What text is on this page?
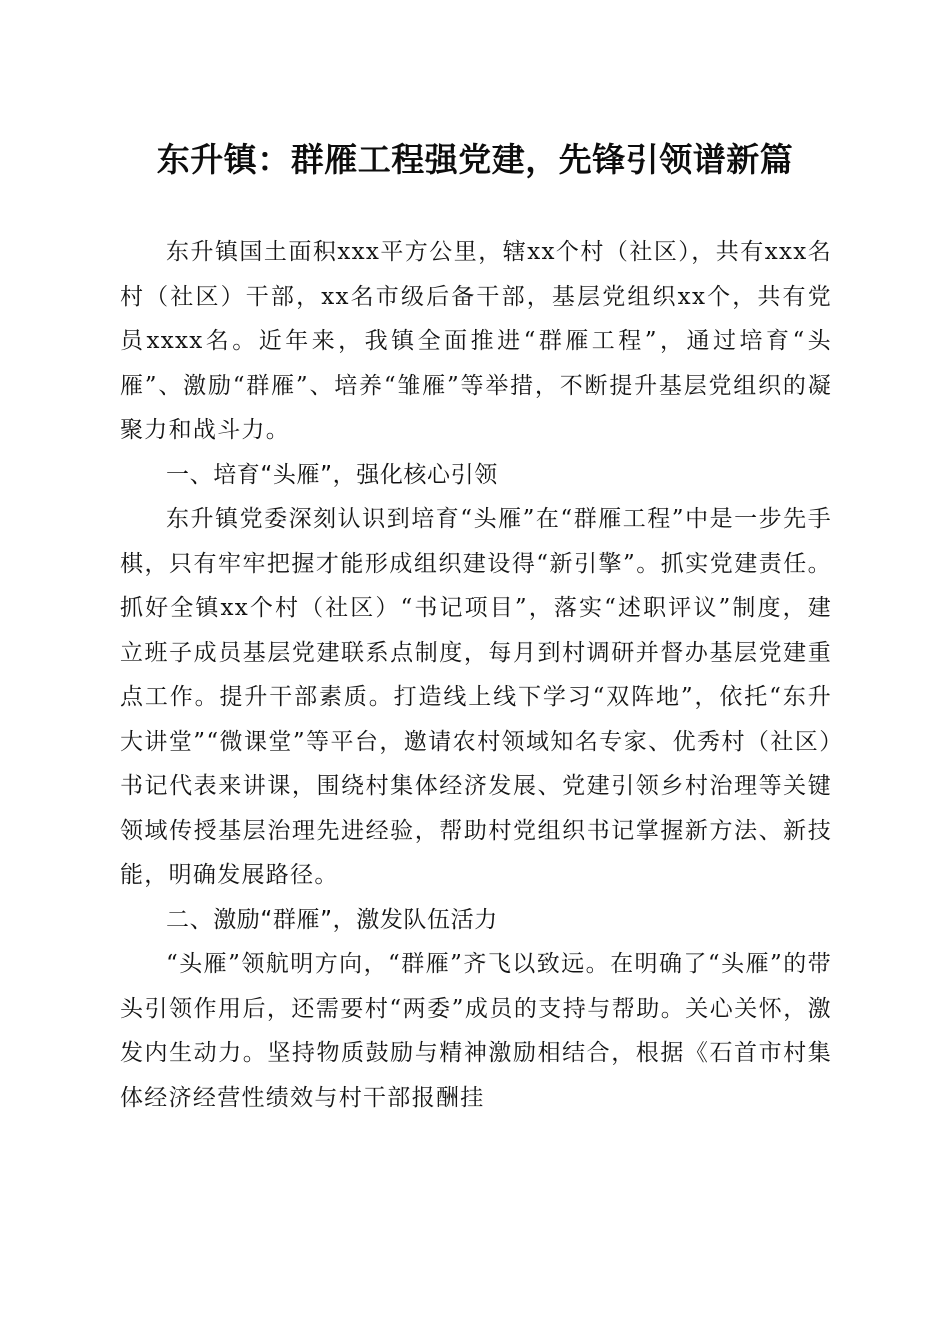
东升镇：群雁工程强党建，先锋引领谱新篇

东升镇国土面积xxx平方公里，辖xx个村（社区），共有xxx名村（社区）干部，xx名市级后备干部，基层党组织xx个，共有党员xxxx名。近年来，我镇全面推进“群雁工程”，通过培育“头雁”、激励“群雁”、培养“雏雁”等举措，不断提升基层党组织的凝聚力和战斗力。

一、培育“头雁”，强化核心引领

东升镇党委深刻认识到培育“头雁”在“群雁工程”中是一步先手棋，只有牢牢把握才能形成组织建设得“新引擎”。抓实党建责任。抓好全镇xx个村（社区）“书记项目”，落实“述职评议”制度，建立班子成员基层党建联系点制度，每月到村调研并督办基层党建重点工作。提升干部素质。打造线上线下学习“双阵地”，依托“东升大讲堂”“微课堂”等平台，邀请农村领域知名专家、优秀村（社区）书记代表来讲课，围绕村集体经济发展、党建引领乡村治理等关键领域传授基层治理先进经验，帮助村党组织书记掌握新方法、新技能，明确发展路径。

二、激励“群雁”，激发队伍活力

“头雁”领航明方向，“群雁”齐飞以致远。在明确了“头雁”的带头引领作用后，还需要村“两委”成员的支持与帮助。关心关怀，激发内生动力。坚持物质鼓励与精神激励相结合，根据《石首市村集体经济经营性绩效与村干部报酬挂
